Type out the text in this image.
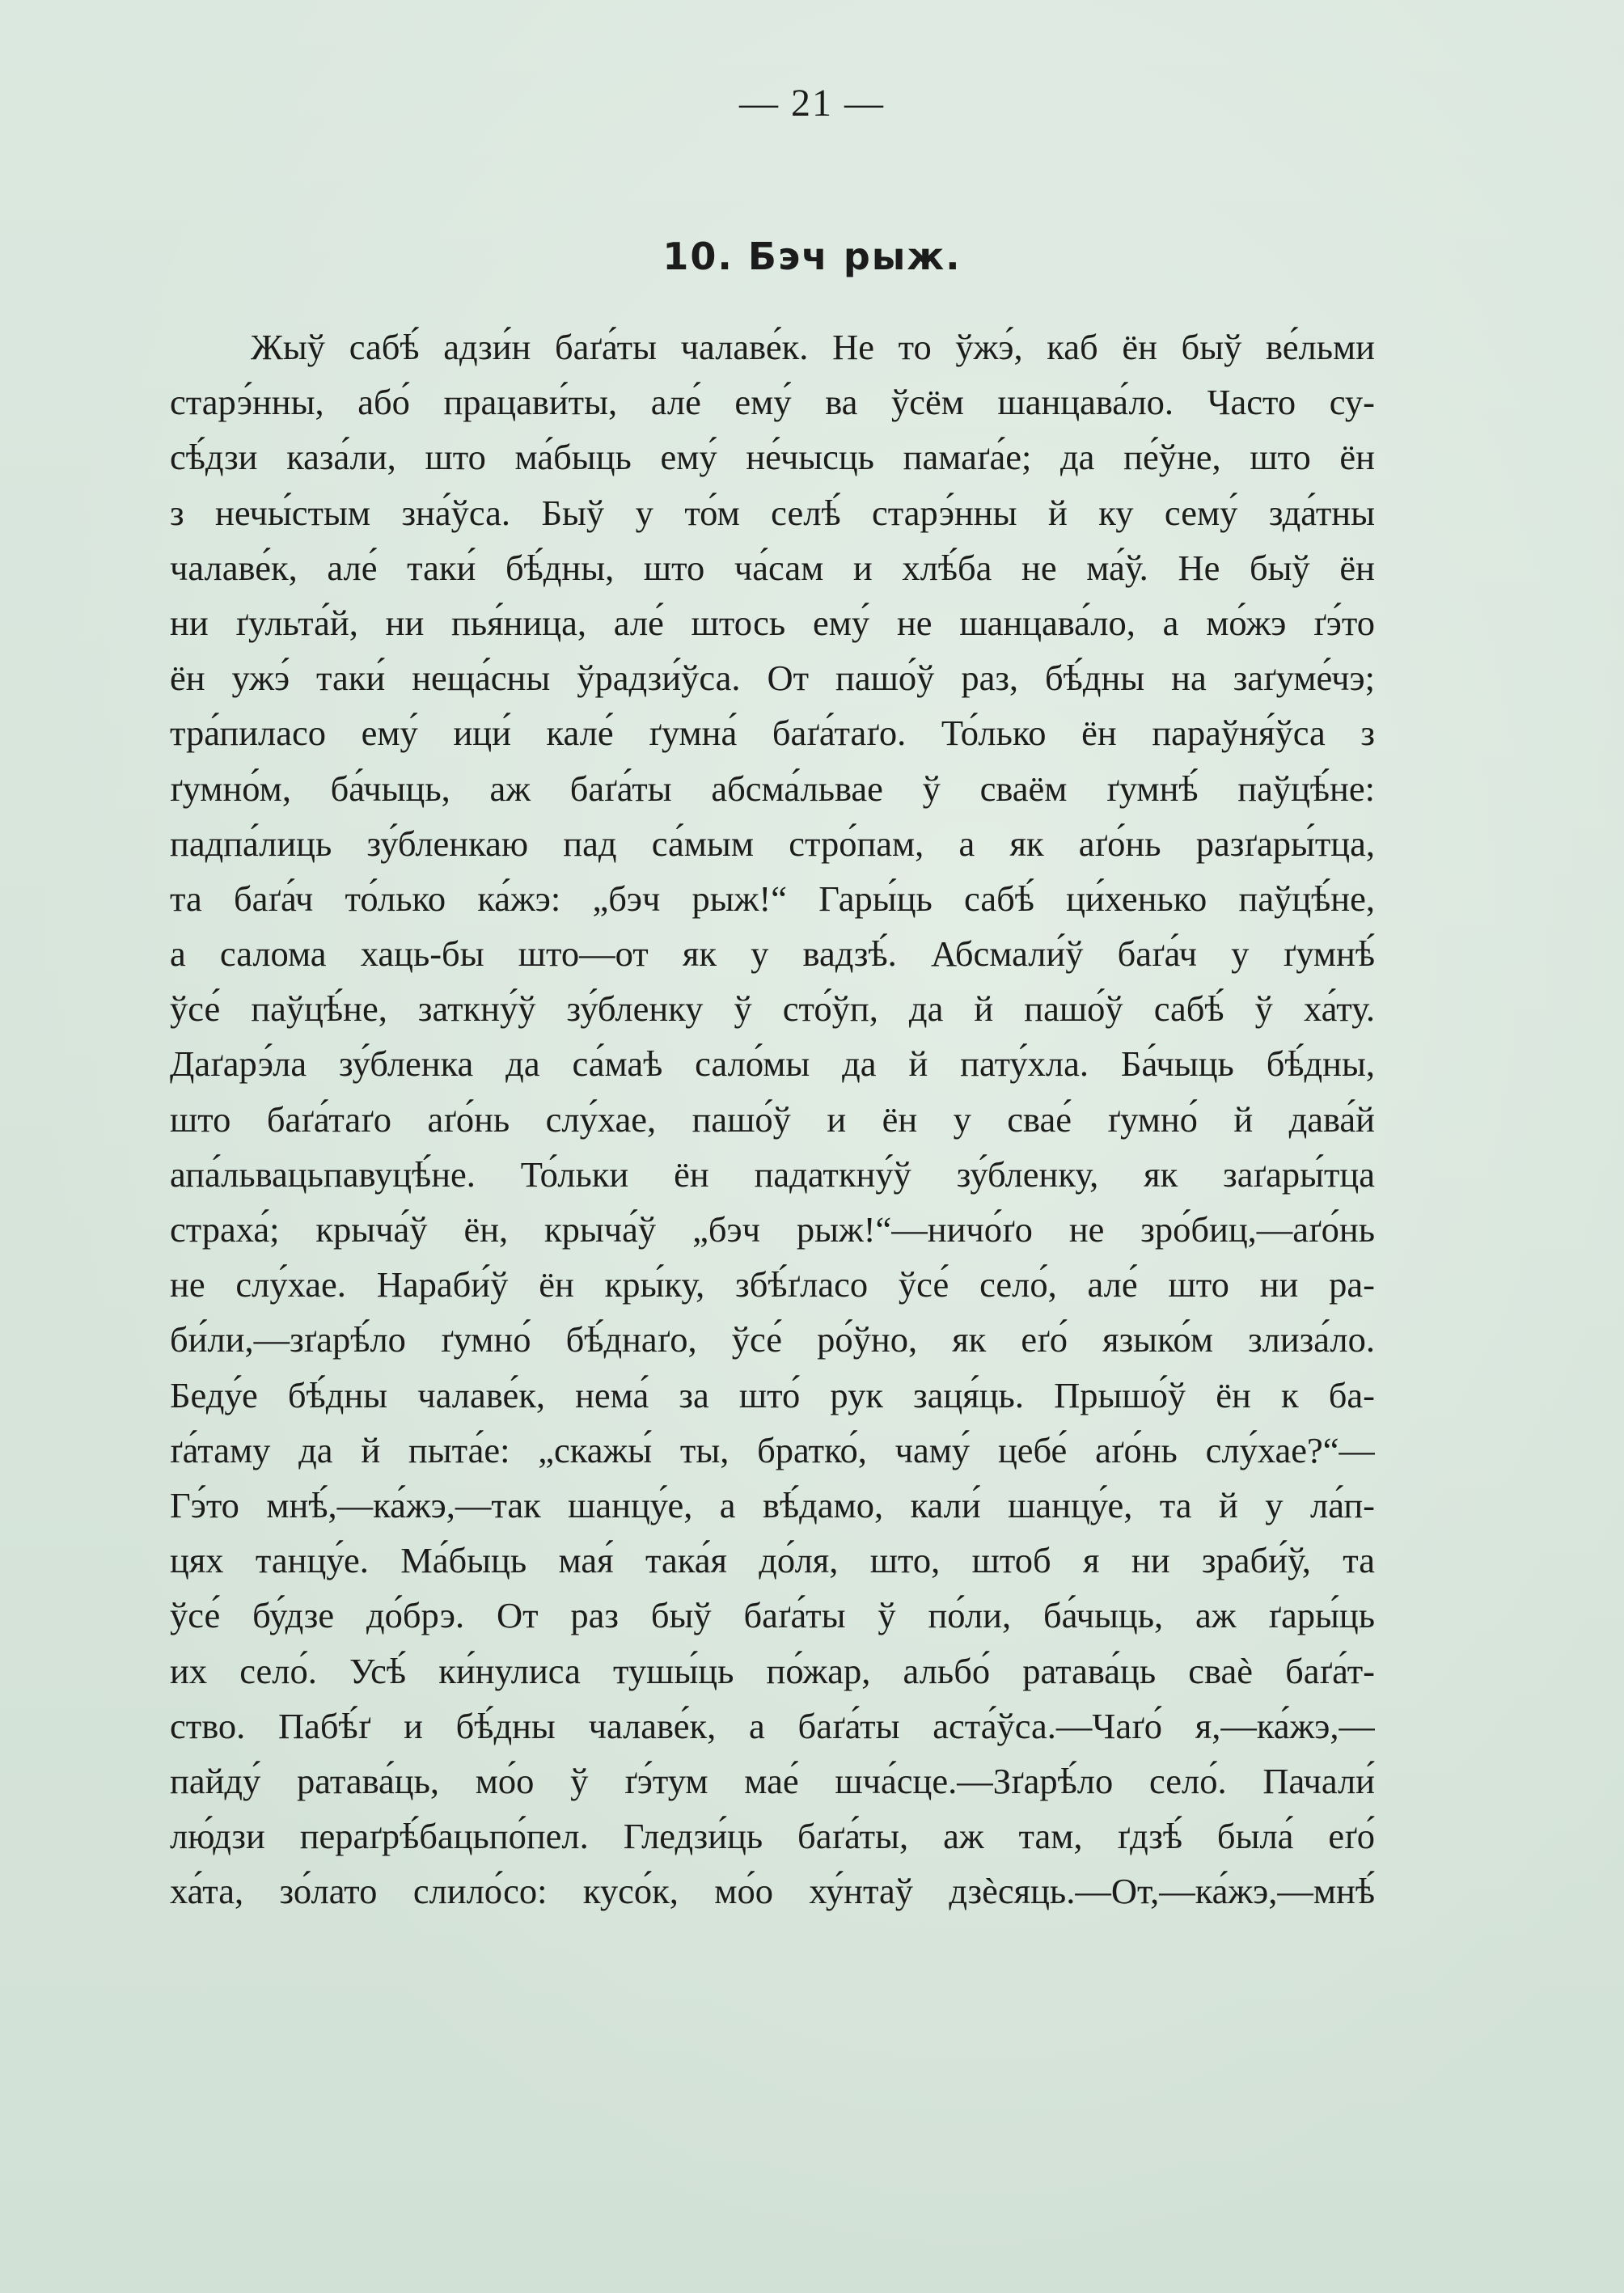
— 21 —
10. Бэч рыж.
Жыў сабѣ́ адзи́н баґа́ты чалаве́к. Не то ўжэ́, каб ён быў ве́льми
старэ́нны, або́ працави́ты, але́ ему́ ва ўсём шанцава́ло. Часто су-
сѣ́дзи каза́ли, што ма́быць ему́ не́чысць памаґа́е; да пе́ўне, што ён
з нечы́стым зна́ўса. Быў у то́м селѣ́ старэ́нны й ку сему́ зда́тны
чалаве́к, але́ таки́ бѣ́дны, што ча́сам и хлѣ́ба не ма́ў. Не быў ён
ни ґульта́й, ни пья́ница, але́ штось ему́ не шанцава́ло, а мо́жэ ґэ́то
ён ужэ́ таки́ неща́сны ўрадзи́ўса. От пашо́ў раз, бѣ́дны на заґуме́чэ;
тра́пиласо ему́ ици́ кале́ ґумна́ баґа́таґо. То́лько ён параўня́ўса з
ґумно́м, ба́чыць, аж баґа́ты абсма́львае ў сваём ґумнѣ́ паўцѣ́не:
падпа́лиць зу́бленкаю пад са́мым стро́пам, а як аґо́нь разґары́тца,
та баґа́ч то́лько ка́жэ: „бэч рыж!“ Гары́ць сабѣ́ ци́хенько паўцѣ́не,
а салома хаць-бы што—от як у вадзѣ́. Абсмали́ў баґа́ч у ґумнѣ́
ўсе́ паўцѣ́не, заткну́ў зу́бленку ў сто́ўп, да й пашо́ў сабѣ́ ў ха́ту.
Даґарэ́ла зу́бленка да са́маѣ сало́мы да й пату́хла. Ба́чыць бѣ́дны,
што баґа́таґо аґо́нь слу́хае, пашо́ў и ён у свае́ ґумно́ й дава́й
апа́львацьпавуцѣ́не. То́льки ён падаткну́ў зу́бленку, як заґары́тца
страха́; крыча́ў ён, крыча́ў „бэч рыж!“—ничо́ґо не зро́биц,—аґо́нь
не слу́хае. Нараби́ў ён кры́ку, збѣ́ґласо ўсе́ село́, але́ што ни ра-
би́ли,—зґарѣ́ло ґумно́ бѣ́днаґо, ўсе́ ро́ўно, як еґо́ языко́м злиза́ло.
Беду́е бѣ́дны чалаве́к, нема́ за што́ рук заця́ць. Прышо́ў ён к ба-
ґа́таму да й пыта́е: „скажы́ ты, братко́, чаму́ цебе́ аґо́нь слу́хае?“—
Гэ́то мнѣ́,—ка́жэ,—так шанцу́е, а вѣ́дамо, кали́ шанцу́е, та й у ла́п-
цях танцу́е. Ма́быць мая́ така́я до́ля, што, штоб я ни зраби́ў, та
ўсе́ бу́дзе до́брэ. От раз быў баґа́ты ў по́ли, ба́чыць, аж ґары́ць
их село́. Усѣ́ ки́нулиса тушы́ць по́жар, альбо́ ратава́ць сваѐ баґа́т-
ство. Пабѣ́ґ и бѣ́дны чалаве́к, а баґа́ты аста́ўса.—Чаґо́ я,—ка́жэ,—
пайду́ ратава́ць, мо́о ў ґэ́тум мае́ шча́сце.—Зґарѣ́ло село́. Пачали́
лю́дзи пераґрѣ́бацьпо́пел. Гледзи́ць баґа́ты, аж там, ґдзѣ́ была́ еґо́
ха́та, зо́лато слило́со: кусо́к, мо́о ху́нтаў дзѐсяць.—От,—ка́жэ,—мнѣ́
